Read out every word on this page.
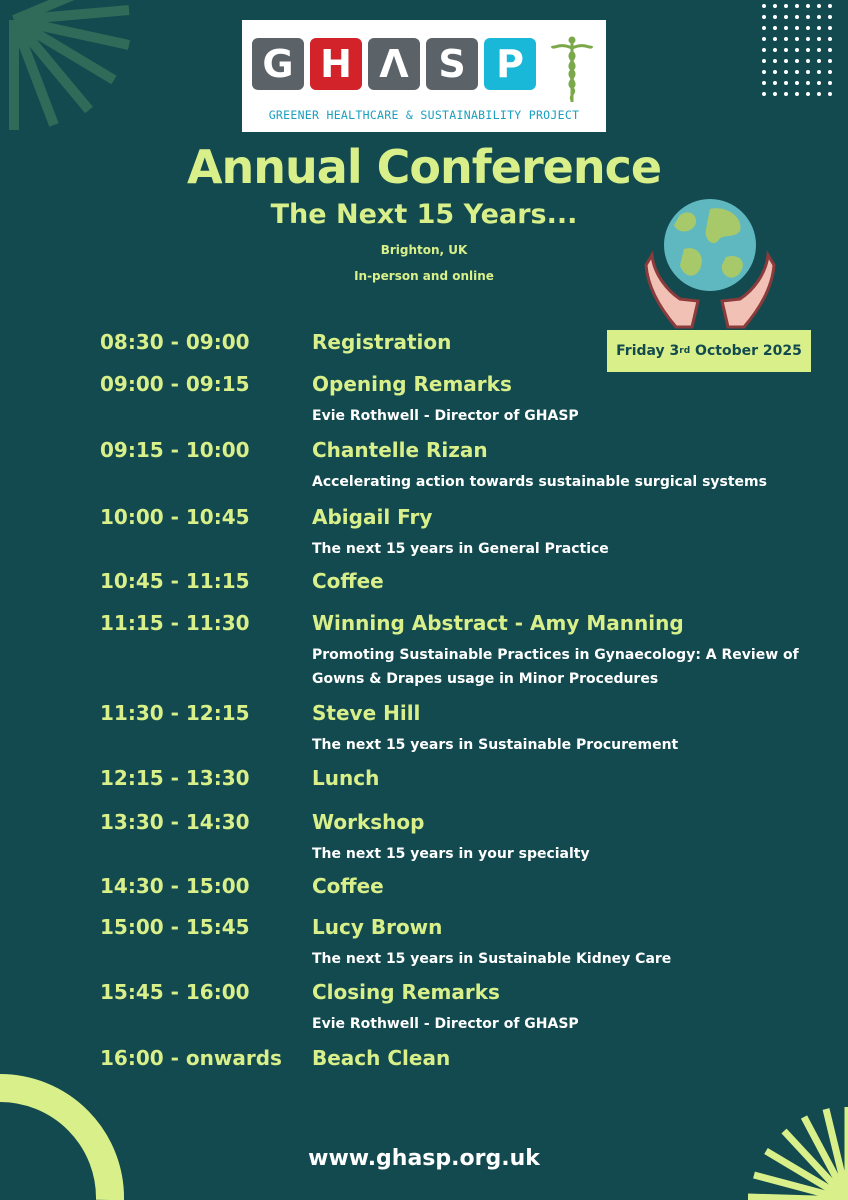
G H Λ S P
GREENER HEALTHCARE & SUSTAINABILITY PROJECT
Annual Conference
The Next 15 Years...
Brighton, UK
In-person and online
Friday 3 rd October 2025
08:30 - 09:00	Registration
09:00 - 09:15	Opening Remarks
Evie Rothwell - Director of GHASP
09:15 - 10:00	Chantelle Rizan
Accelerating action towards sustainable surgical systems
10:00 - 10:45	Abigail Fry
The next 15 years in General Practice
10:45 - 11:15	Coffee
11:15 - 11:30	Winning Abstract - Amy Manning
Promoting Sustainable Practices in Gynaecology: A Review of Gowns & Drapes usage in Minor Procedures
11:30 - 12:15	Steve Hill
The next 15 years in Sustainable Procurement
12:15 - 13:30	Lunch
13:30 - 14:30	Workshop
The next 15 years in your specialty
14:30 - 15:00	Coffee
15:00 - 15:45	Lucy Brown
The next 15 years in Sustainable Kidney Care
15:45 - 16:00	Closing Remarks
Evie Rothwell - Director of GHASP
16:00 - onwards Beach Clean
www.ghasp.org.uk
